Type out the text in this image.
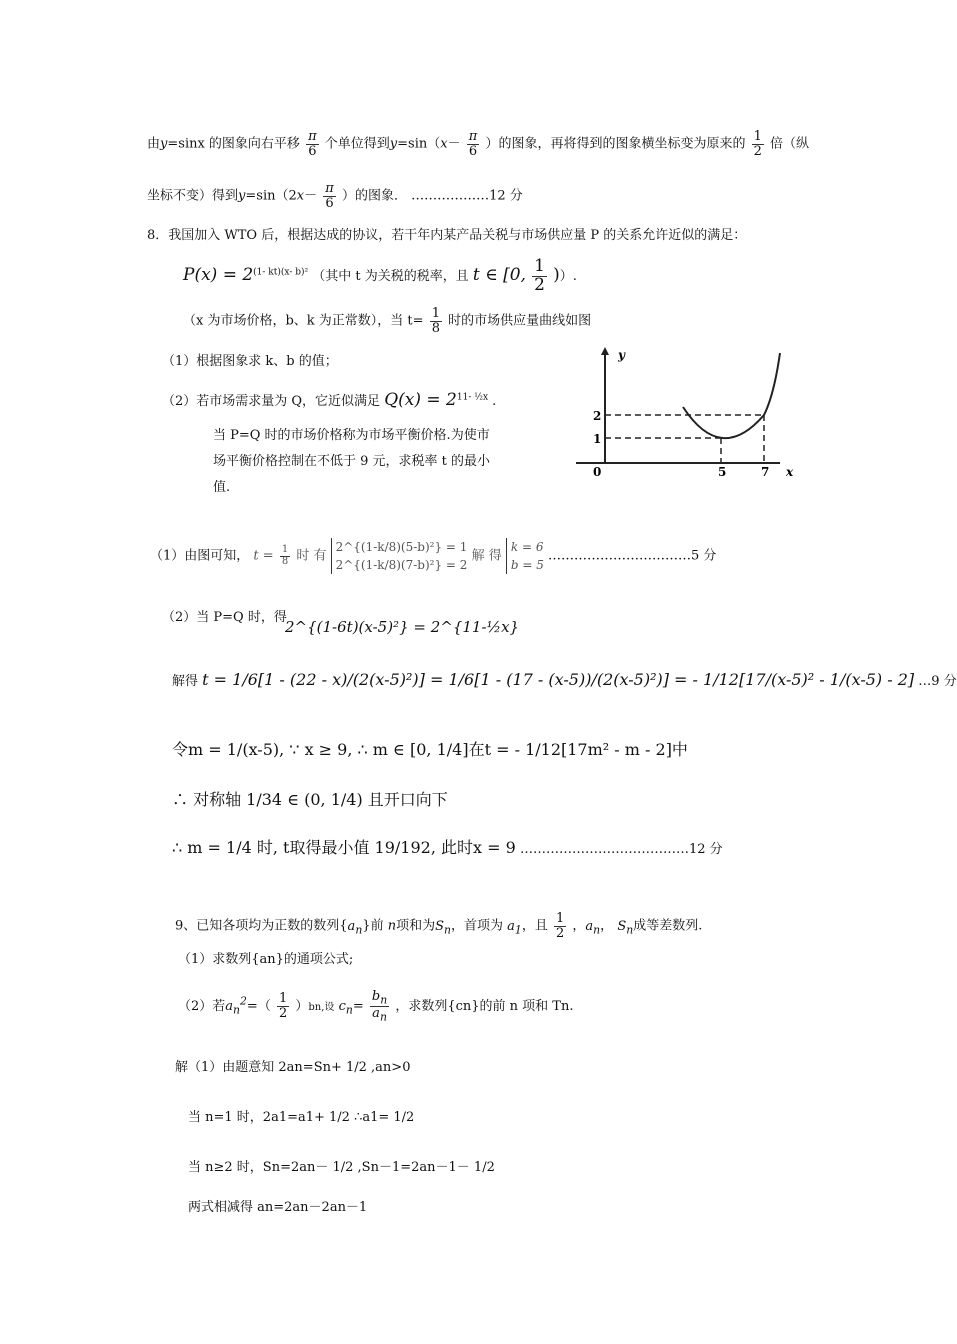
由y=sinx 的图象向右平移 $\frac{\pi}{6}$ 个单位得到$y=\sin(x- \frac{\pi}{6}$ ）的图象，再将得到的图象横坐标变为原来的 $\frac{1}{2}$ 倍（纵
坐标不变）得到$y=\sin(2x- \frac{\pi}{6}$ ）的图象． ………………12 分
8．我国加入 WTO 后，根据达成的协议，若干年内某产品关税与市场供应量 P 的关系允许近似的满足：
$P(x) = 2^{(1- kt)(x- b)^2}$ （其中 t 为关税的税率，且 t ∈ [0, $\frac{1}{2}$ )）.
（x 为市场价格，b、k 为正常数），当 $t= \frac{1}{8}$ 时的市场供应量曲线如图
（1）根据图象求 k、b 的值；
（2）若市场需求量为 Q，它近似满足 $Q(x) = 2^{11- \frac{1}{2}x}$ .
当 P=Q 时的市场价格称为市场平衡价格.为使市
场平衡价格控制在不低于 9 元，求税率 t 的最小
值.
y
x
0
2
1
5	7
（1）由图可知， $t = \frac{1}{8}$ 时 有
2^{(1-k/8)(5-b)²} = 1
2^{(1-k/8)(7-b)²} = 2
解 得
k = 6
b = 5
……………………………5 分
（2）当 P=Q 时，得
2^{(1-6t)(x-5)²} = 2^{11-½x}
解得 t = 1/6[1 - (22 - x)/(2(x-5)²)] = 1/6[1 - (17 - (x-5))/(2(x-5)²)] = - 1/12[17/(x-5)² - 1/(x-5) - 2] …9 分
令m = 1/(x-5), ∵ x ≥ 9, ∴ m ∈ [0, 1/4]在t = - 1/12[17m² - m - 2]中
∴ 对称轴 1/34 ∈ (0, 1/4) 且开口向下
∴ m = 1/4 时, t取得最小值 19/192, 此时x = 9 …………………………………12 分
9、已知各项均为正数的数列$\{a_n\}$前 n项和为$S_n$，首项为 $a_1$，且 $\frac{1}{2}$ ，$a_n$， $S_n$成等差数列.
（1）求数列{an}的通项公式;
（2）若$a_n^2=( \frac{1}{2} )bn$,设 $c_n= \frac{b_n}{a_n}$ ，求数列{cn}的前 n 项和 Tn.
解（1）由题意知 2an=Sn+ 1/2 ,an>0
当 n=1 时，2a1=a1+ 1/2 ∴a1= 1/2
当 n≥2 时，Sn=2an－ 1/2 ,Sn－1=2an－1－ 1/2
两式相减得 an=2an－2an－1
